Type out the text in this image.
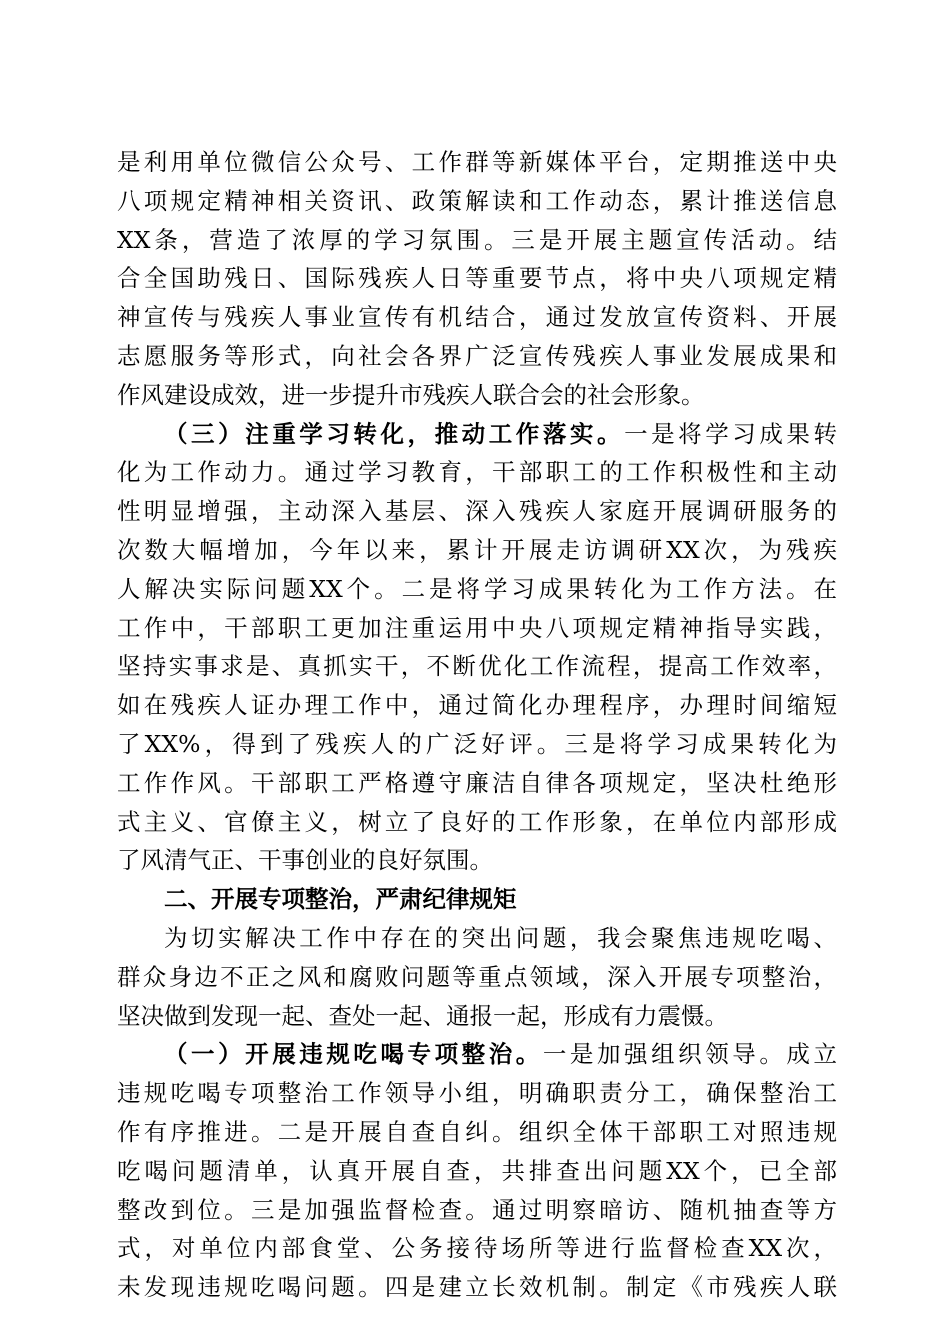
是利用单位微信公众号、工作群等新媒体平台，定期推送中央
八项规定精神相关资讯、政策解读和工作动态，累计推送信息
XX条，营造了浓厚的学习氛围。三是开展主题宣传活动。结
合全国助残日、国际残疾人日等重要节点，将中央八项规定精
神宣传与残疾人事业宣传有机结合，通过发放宣传资料、开展
志愿服务等形式，向社会各界广泛宣传残疾人事业发展成果和
作风建设成效，进一步提升市残疾人联合会的社会形象。
（三）注重学习转化，推动工作落实。一是将学习成果转
化为工作动力。通过学习教育，干部职工的工作积极性和主动
性明显增强，主动深入基层、深入残疾人家庭开展调研服务的
次数大幅增加，今年以来，累计开展走访调研XX次，为残疾
人解决实际问题XX个。二是将学习成果转化为工作方法。在
工作中，干部职工更加注重运用中央八项规定精神指导实践，
坚持实事求是、真抓实干，不断优化工作流程，提高工作效率，
如在残疾人证办理工作中，通过简化办理程序，办理时间缩短
了XX%，得到了残疾人的广泛好评。三是将学习成果转化为
工作作风。干部职工严格遵守廉洁自律各项规定，坚决杜绝形
式主义、官僚主义，树立了良好的工作形象，在单位内部形成
了风清气正、干事创业的良好氛围。
二、开展专项整治，严肃纪律规矩
为切实解决工作中存在的突出问题，我会聚焦违规吃喝、
群众身边不正之风和腐败问题等重点领域，深入开展专项整治，
坚决做到发现一起、查处一起、通报一起，形成有力震慑。
（一）开展违规吃喝专项整治。一是加强组织领导。成立
违规吃喝专项整治工作领导小组，明确职责分工，确保整治工
作有序推进。二是开展自查自纠。组织全体干部职工对照违规
吃喝问题清单，认真开展自查，共排查出问题XX个，已全部
整改到位。三是加强监督检查。通过明察暗访、随机抽查等方
式，对单位内部食堂、公务接待场所等进行监督检查XX次，
未发现违规吃喝问题。四是建立长效机制。制定《市残疾人联
